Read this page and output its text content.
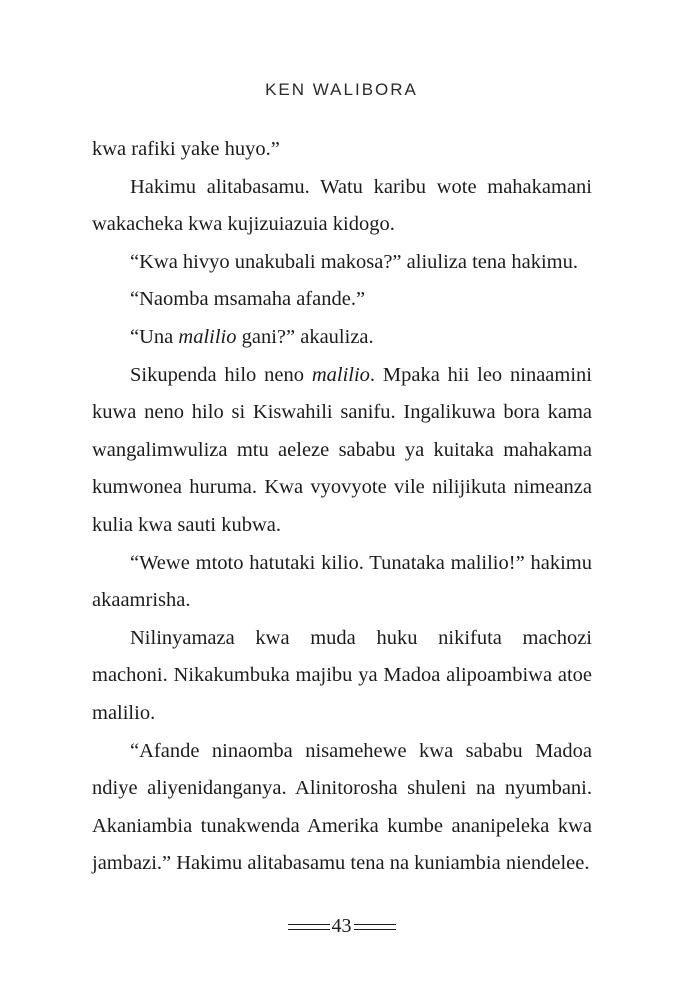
KEN WALIBORA

kwa rafiki yake huyo.”

Hakimu alitabasamu. Watu karibu wote mahakamani wakacheka kwa kujizuiazuia kidogo.

“Kwa hivyo unakubali makosa?” aliuliza tena hakimu.

“Naomba msamaha afande.”

“Una malilio gani?” akauliza.

Sikupenda hilo neno malilio. Mpaka hii leo ninaamini kuwa neno hilo si Kiswahili sanifu. Ingalikuwa bora kama wangalimwuliza mtu aeleze sababu ya kuitaka mahakama kumwonea huruma. Kwa vyovyote vile nilijikuta nimeanza kulia kwa sauti kubwa.

“Wewe mtoto hatutaki kilio. Tunataka malilio!” hakimu akaamrisha.

Nilinyamaza kwa muda huku nikifuta machozi machoni. Nikakumbuka majibu ya Madoa alipoambiwa atoe malilio.

“Afande ninaomba nisamehewe kwa sababu Madoa ndiye aliyenidanganya. Alinitorosha shuleni na nyumbani. Akaniambia tunakwenda Amerika kumbe ananipeleka kwa jambazi.” Hakimu alitabasamu tena na kuniambia niendelee.

43
